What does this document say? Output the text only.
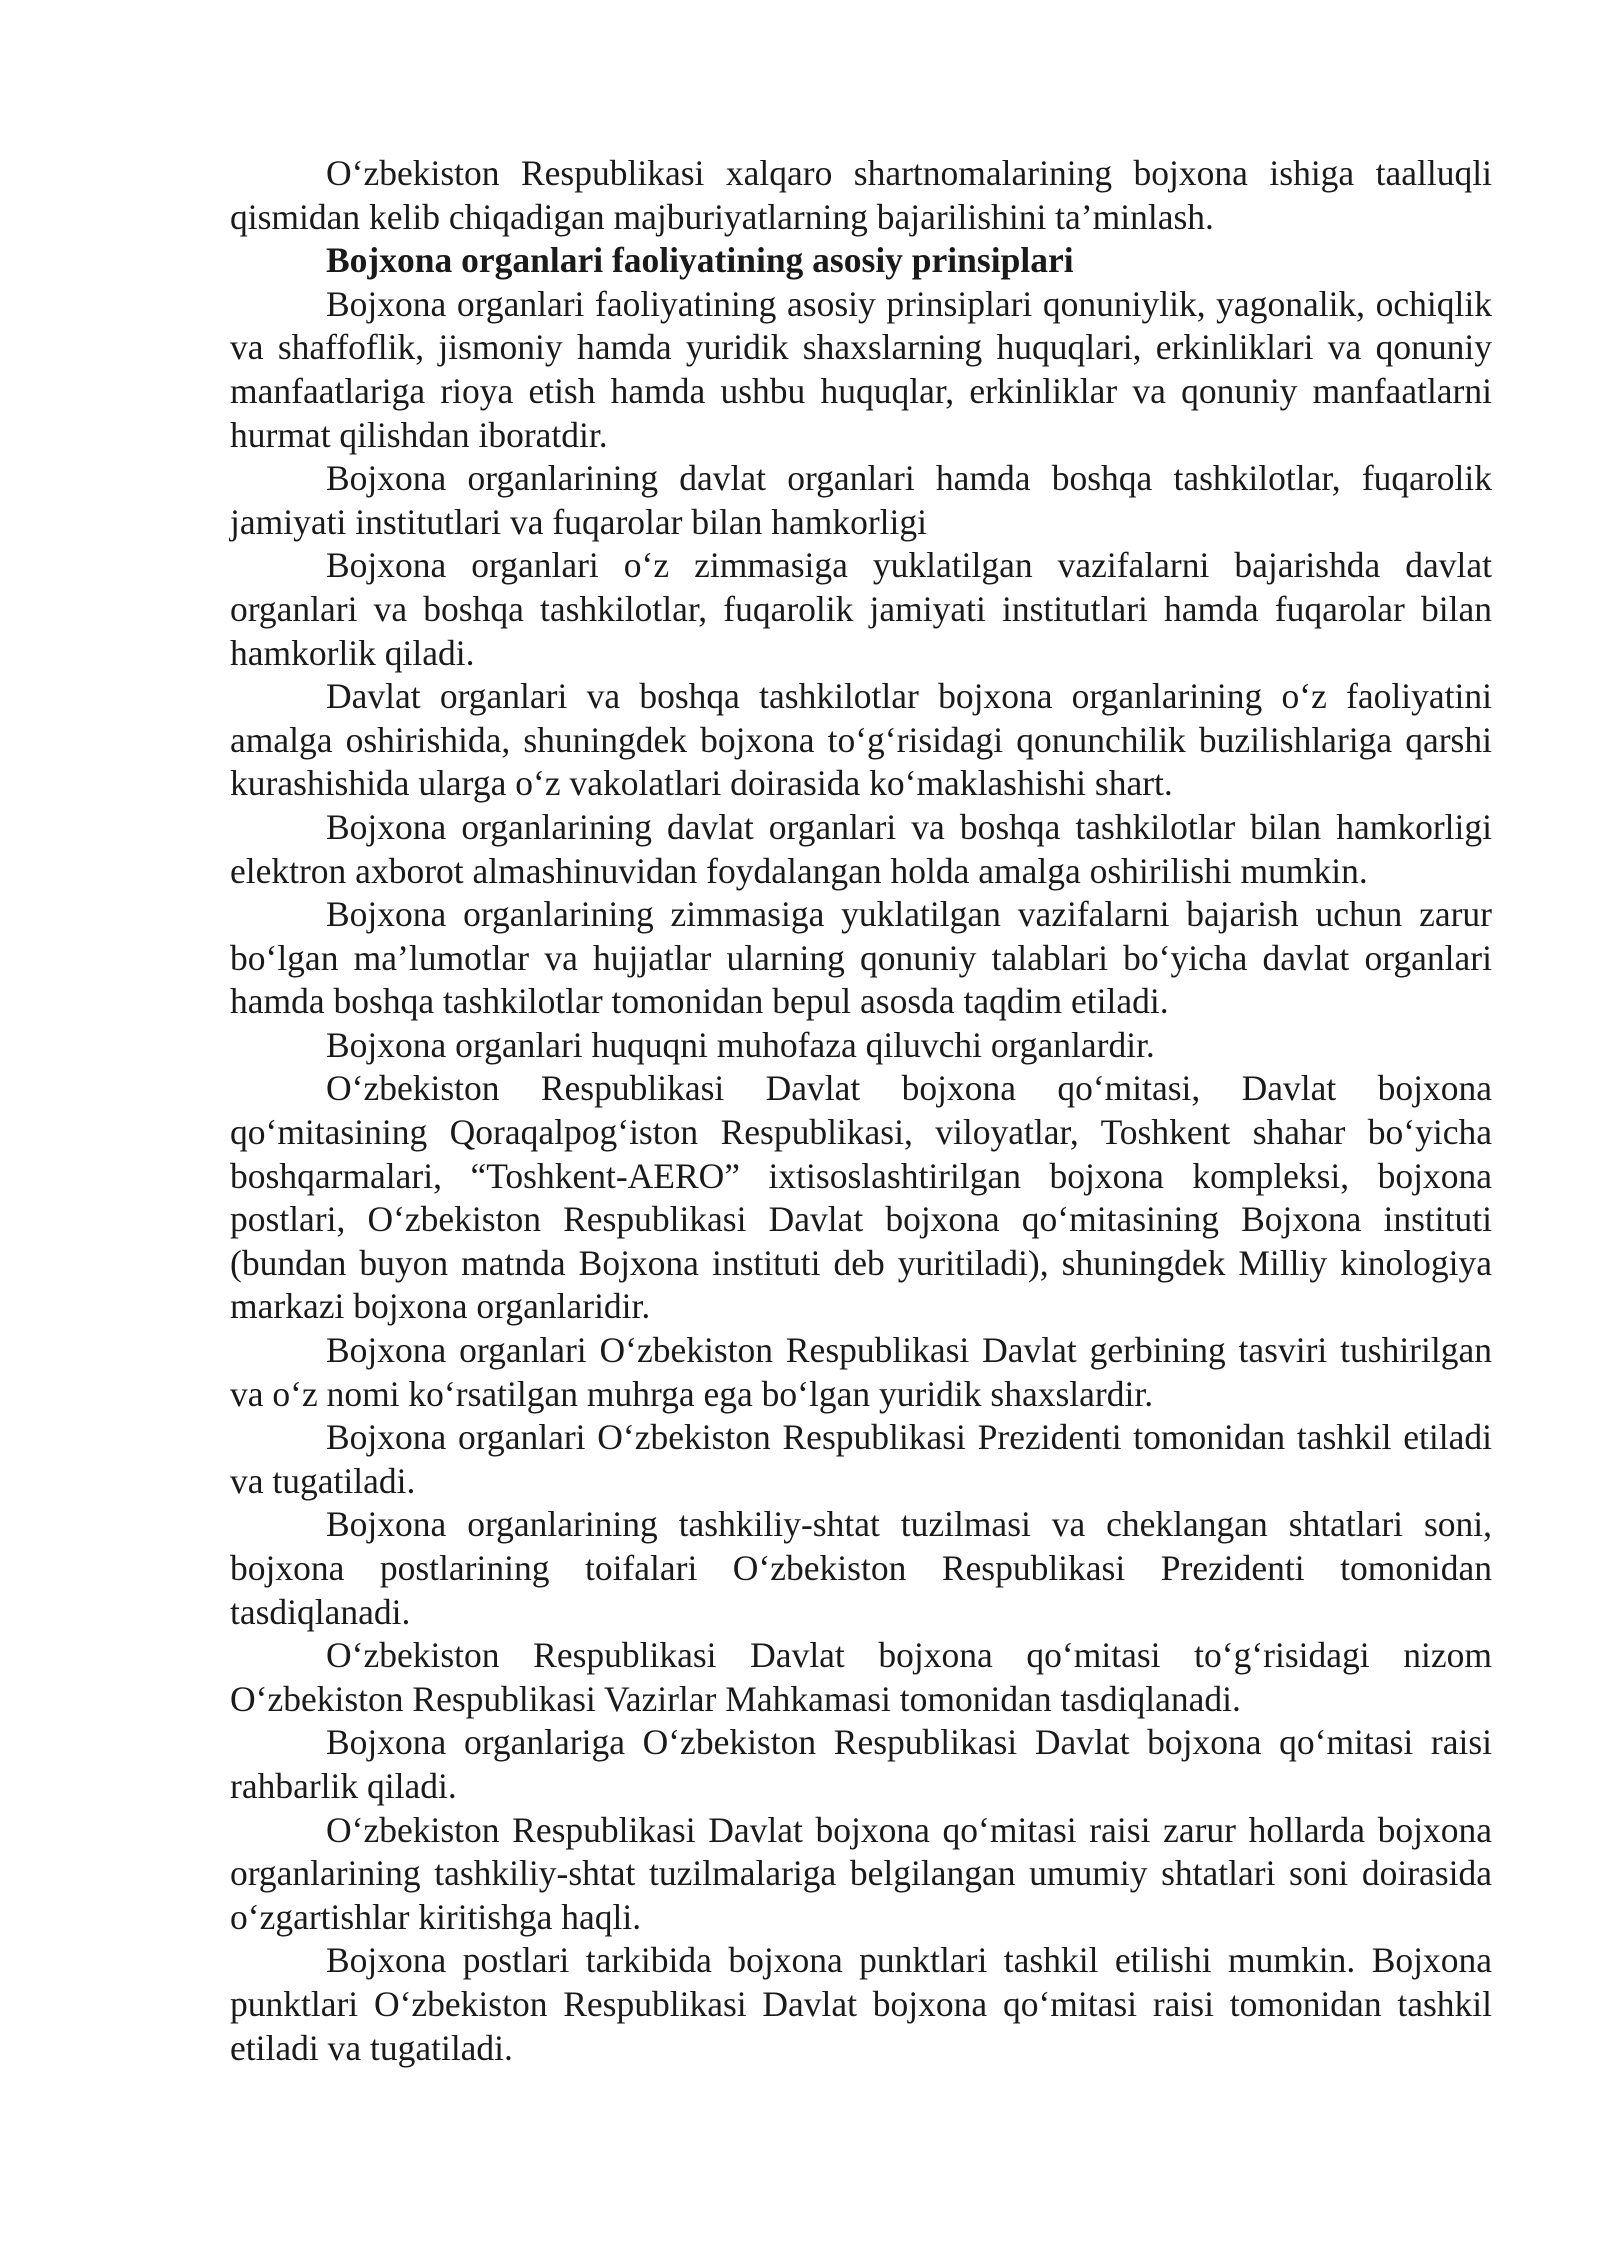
O‘zbekiston Respublikasi xalqaro shartnomalarining bojxona ishiga taalluqli qismidan kelib chiqadigan majburiyatlarning bajarilishini ta’minlash.

Bojxona organlari faoliyatining asosiy prinsiplari

Bojxona organlari faoliyatining asosiy prinsiplari qonuniylik, yagonalik, ochiqlik va shaffoflik, jismoniy hamda yuridik shaxslarning huquqlari, erkinliklari va qonuniy manfaatlariga rioya etish hamda ushbu huquqlar, erkinliklar va qonuniy manfaatlarni hurmat qilishdan iboratdir.

Bojxona organlarining davlat organlari hamda boshqa tashkilotlar, fuqarolik jamiyati institutlari va fuqarolar bilan hamkorligi

Bojxona organlari o‘z zimmasiga yuklatilgan vazifalarni bajarishda davlat organlari va boshqa tashkilotlar, fuqarolik jamiyati institutlari hamda fuqarolar bilan hamkorlik qiladi.

Davlat organlari va boshqa tashkilotlar bojxona organlarining o‘z faoliyatini amalga oshirishida, shuningdek bojxona to‘g‘risidagi qonunchilik buzilishlariga qarshi kurashishida ularga o‘z vakolatlari doirasida ko‘maklashishi shart.

Bojxona organlarining davlat organlari va boshqa tashkilotlar bilan hamkorligi elektron axborot almashinuvidan foydalangan holda amalga oshirilishi mumkin.

Bojxona organlarining zimmasiga yuklatilgan vazifalarni bajarish uchun zarur bo‘lgan ma’lumotlar va hujjatlar ularning qonuniy talablari bo‘yicha davlat organlari hamda boshqa tashkilotlar tomonidan bepul asosda taqdim etiladi.

Bojxona organlari huquqni muhofaza qiluvchi organlardir.

O‘zbekiston Respublikasi Davlat bojxona qo‘mitasi, Davlat bojxona qo‘mitasining Qoraqalpog‘iston Respublikasi, viloyatlar, Toshkent shahar bo‘yicha boshqarmalari, “Toshkent-AERO” ixtisoslashtirilgan bojxona kompleksi, bojxona postlari, O‘zbekiston Respublikasi Davlat bojxona qo‘mitasining Bojxona instituti (bundan buyon matnda Bojxona instituti deb yuritiladi), shuningdek Milliy kinologiya markazi bojxona organlaridir.

Bojxona organlari O‘zbekiston Respublikasi Davlat gerbining tasviri tushirilgan va o‘z nomi ko‘rsatilgan muhrga ega bo‘lgan yuridik shaxslardir.

Bojxona organlari O‘zbekiston Respublikasi Prezidenti tomonidan tashkil etiladi va tugatiladi.

Bojxona organlarining tashkiliy-shtat tuzilmasi va cheklangan shtatlari soni, bojxona postlarining toifalari O‘zbekiston Respublikasi Prezidenti tomonidan tasdiqlanadi.

O‘zbekiston Respublikasi Davlat bojxona qo‘mitasi to‘g‘risidagi nizom O‘zbekiston Respublikasi Vazirlar Mahkamasi tomonidan tasdiqlanadi.

Bojxona organlariga O‘zbekiston Respublikasi Davlat bojxona qo‘mitasi raisi rahbarlik qiladi.

O‘zbekiston Respublikasi Davlat bojxona qo‘mitasi raisi zarur hollarda bojxona organlarining tashkiliy-shtat tuzilmalariga belgilangan umumiy shtatlari soni doirasida o‘zgartishlar kiritishga haqli.

Bojxona postlari tarkibida bojxona punktlari tashkil etilishi mumkin. Bojxona punktlari O‘zbekiston Respublikasi Davlat bojxona qo‘mitasi raisi tomonidan tashkil etiladi va tugatiladi.
